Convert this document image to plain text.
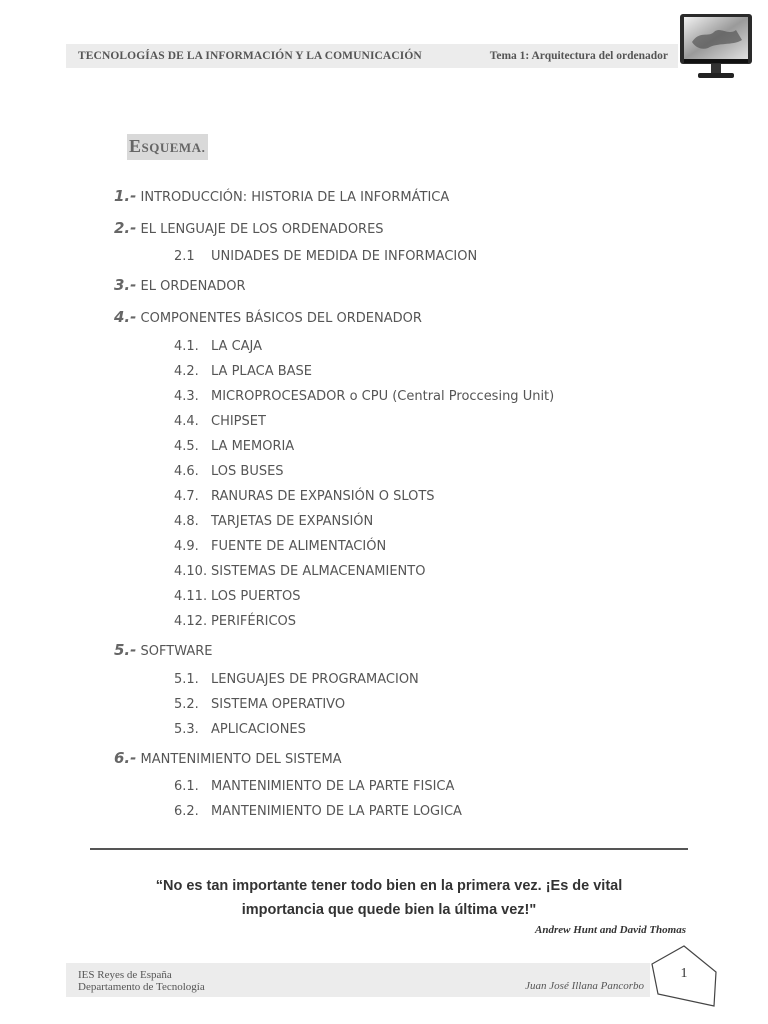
TECNOLOGÍAS DE LA INFORMACIÓN Y LA COMUNICACIÓN	Tema 1: Arquitectura del ordenador
ESQUEMA.
1.- INTRODUCCIÓN: HISTORIA DE LA INFORMÁTICA
2.- EL LENGUAJE DE LOS ORDENADORES
2.1 UNIDADES DE MEDIDA DE INFORMACION
3.- EL ORDENADOR
4.- COMPONENTES BÁSICOS DEL ORDENADOR
4.1. LA CAJA
4.2. LA PLACA BASE
4.3. MICROPROCESADOR o CPU (Central Proccesing Unit)
4.4. CHIPSET
4.5. LA MEMORIA
4.6. LOS BUSES
4.7. RANURAS DE EXPANSIÓN O SLOTS
4.8. TARJETAS DE EXPANSIÓN
4.9. FUENTE DE ALIMENTACIÓN
4.10. SISTEMAS DE ALMACENAMIENTO
4.11. LOS PUERTOS
4.12. PERIFÉRICOS
5.- SOFTWARE
5.1. LENGUAJES DE PROGRAMACION
5.2. SISTEMA OPERATIVO
5.3. APLICACIONES
6.- MANTENIMIENTO DEL SISTEMA
6.1. MANTENIMIENTO DE LA PARTE FISICA
6.2. MANTENIMIENTO DE LA PARTE LOGICA
“No es tan importante tener todo bien en la primera vez. ¡Es de vital
importancia que quede bien la última vez!"
Andrew Hunt and David Thomas
IES Reyes de España
Departamento de Tecnología	Juan José Illana Pancorbo
1
